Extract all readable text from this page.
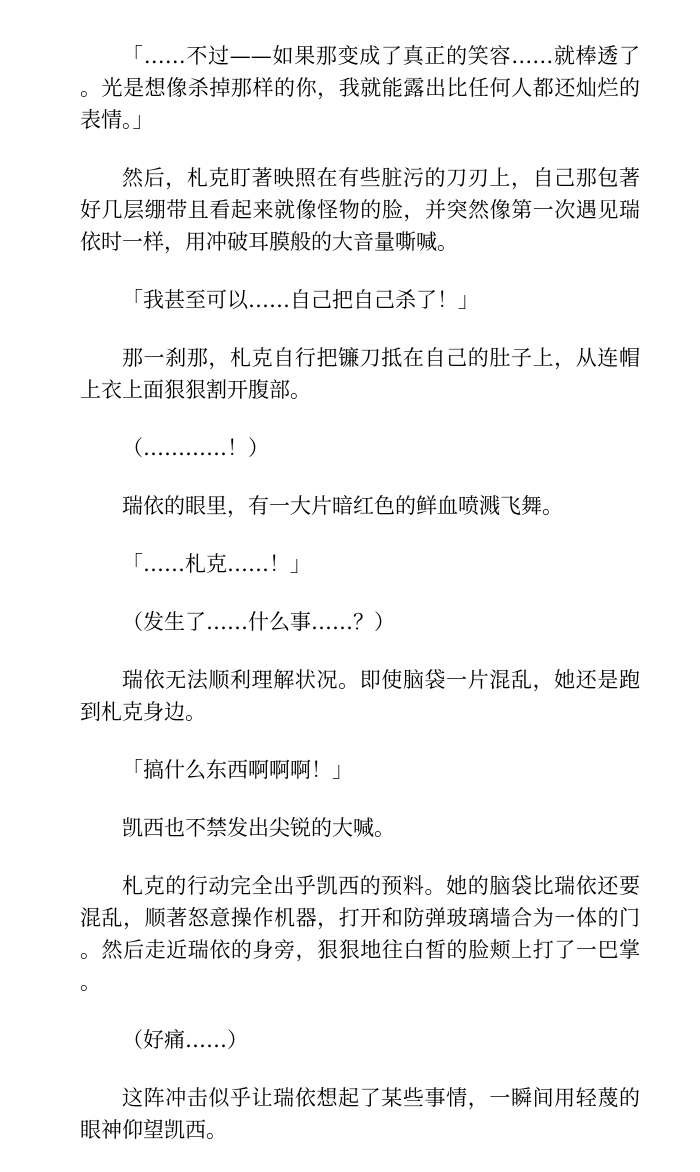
「……不过——如果那变成了真正的笑容……就棒透了。光是想像杀掉那样的你，我就能露出比任何人都还灿烂的表情。」

然后，札克盯著映照在有些脏污的刀刃上，自己那包著好几层绷带且看起来就像怪物的脸，并突然像第一次遇见瑞依时一样，用冲破耳膜般的大音量嘶喊。

「我甚至可以……自己把自己杀了！」

那一刹那，札克自行把镰刀抵在自己的肚子上，从连帽上衣上面狠狠割开腹部。

（…………！）

瑞依的眼里，有一大片暗红色的鲜血喷溅飞舞。

「……札克……！」

（发生了……什么事……？）

瑞依无法顺利理解状况。即使脑袋一片混乱，她还是跑到札克身边。

「搞什么东西啊啊啊！」

凯西也不禁发出尖锐的大喊。

札克的行动完全出乎凯西的预料。她的脑袋比瑞依还要混乱，顺著怒意操作机器，打开和防弹玻璃墙合为一体的门。然后走近瑞依的身旁，狠狠地往白皙的脸颊上打了一巴掌。

（好痛……）

这阵冲击似乎让瑞依想起了某些事情，一瞬间用轻蔑的眼神仰望凯西。
